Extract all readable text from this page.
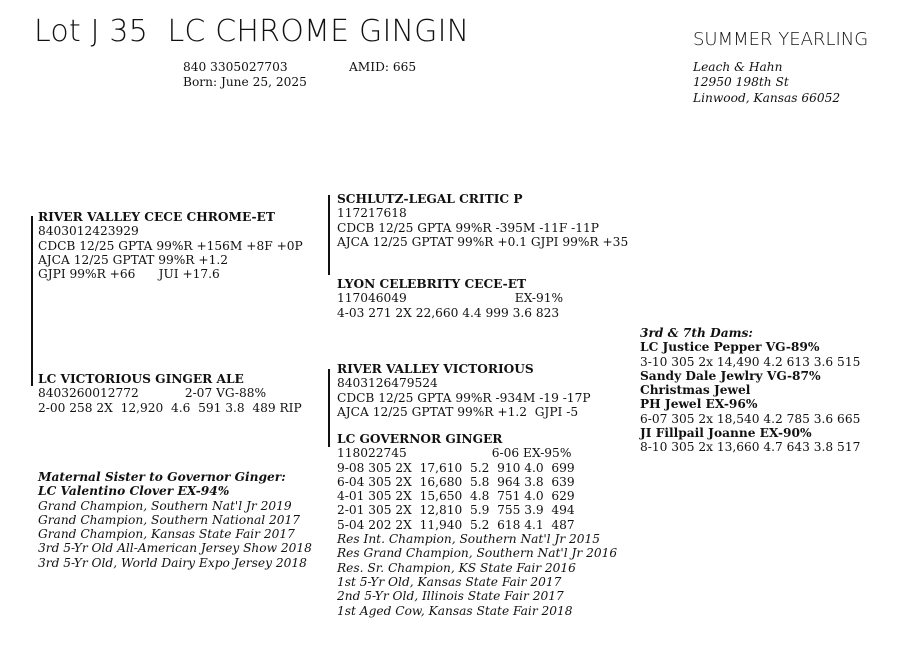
Lot J 35 LC CHROME GINGIN
840 3305027703	AMID: 665
Born: June 25, 2025
SUMMER YEARLING
Leach & Hahn
12950 198th St
Linwood, Kansas 66052
RIVER VALLEY CECE CHROME-ET
8403012423929
CDCB 12/25 GPTA 99%R +156M +8F +0P
AJCA 12/25 GPTAT 99%R +1.2
GJPI 99%R +66      JUI +17.6
SCHLUTZ-LEGAL CRITIC P
117217618
CDCB 12/25 GPTA 99%R -395M -11F -11P
AJCA 12/25 GPTAT 99%R +0.1 GJPI 99%R +35
LYON CELEBRITY CECE-ET
117046049	EX-91%
4-03 271 2X 22,660 4.4 999 3.6 823
LC VICTORIOUS GINGER ALE
8403260012772	2-07 VG-88%
2-00 258 2X  12,920  4.6  591 3.8  489 RIP
RIVER VALLEY VICTORIOUS
8403126479524
CDCB 12/25 GPTA 99%R -934M -19 -17P
AJCA 12/25 GPTAT 99%R +1.2  GJPI -5
LC GOVERNOR GINGER
118022745	6-06 EX-95%
9-08 305 2X  17,610  5.2  910 4.0  699
6-04 305 2X  16,680  5.8  964 3.8  639
4-01 305 2X  15,650  4.8  751 4.0  629
2-01 305 2X  12,810  5.9  755 3.9  494
5-04 202 2X  11,940  5.2  618 4.1  487
Res Int. Champion, Southern Nat'l Jr 2015
Res Grand Champion, Southern Nat'l Jr 2016
Res. Sr. Champion, KS State Fair 2016
1st 5-Yr Old, Kansas State Fair 2017
2nd 5-Yr Old, Illinois State Fair 2017
1st Aged Cow, Kansas State Fair 2018
Maternal Sister to Governor Ginger:
LC Valentino Clover EX-94%
Grand Champion, Southern Nat'l Jr 2019
Grand Champion, Southern National 2017
Grand Champion, Kansas State Fair 2017
3rd 5-Yr Old All-American Jersey Show 2018
3rd 5-Yr Old, World Dairy Expo Jersey 2018
3rd & 7th Dams:
LC Justice Pepper VG-89%
3-10 305 2x 14,490 4.2 613 3.6 515
Sandy Dale Jewlry VG-87%
Christmas Jewel
PH Jewel EX-96%
6-07 305 2x 18,540 4.2 785 3.6 665
JI Fillpail Joanne EX-90%
8-10 305 2x 13,660 4.7 643 3.8 517
